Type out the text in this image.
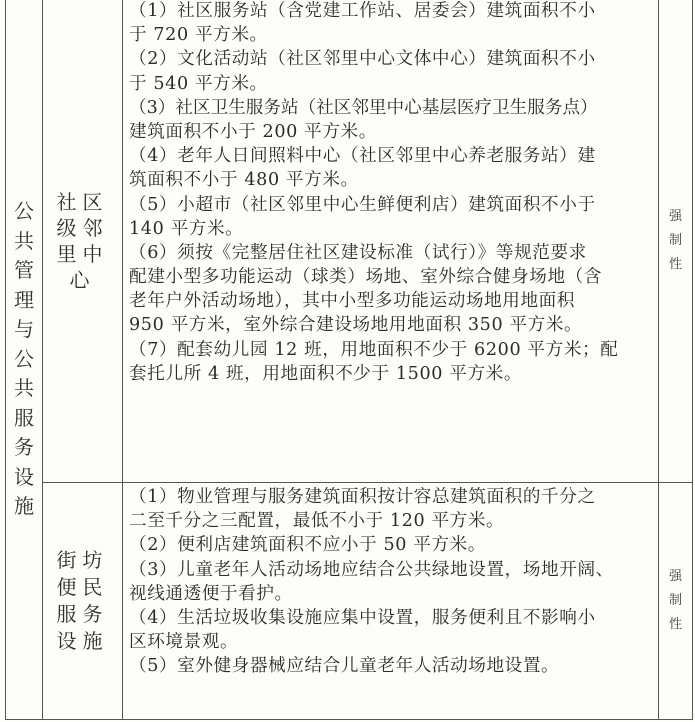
公
共
管
理
与
公
共
服
务
设
施
社区级邻里中心
（1）社区服务站（含党建工作站、居委会）建筑面积不小
于 720 平方米。
（2）文化活动站（社区邻里中心文体中心）建筑面积不小
于 540 平方米。
（3）社区卫生服务站（社区邻里中心基层医疗卫生服务点）
建筑面积不小于 200 平方米。
（4）老年人日间照料中心（社区邻里中心养老服务站）建
筑面积不小于 480 平方米。
（5）小超市（社区邻里中心生鲜便利店）建筑面积不小于
140 平方米。
（6）须按《完整居住社区建设标准（试行）》等规范要求
配建小型多功能运动（球类）场地、室外综合健身场地（含
老年户外活动场地），其中小型多功能运动场地用地面积
950 平方米，室外综合建设场地用地面积 350 平方米。
（7）配套幼儿园 12 班，用地面积不少于 6200 平方米；配
套托儿所 4 班，用地面积不少于 1500 平方米。
强
制
性
街坊便民服务设施
（1）物业管理与服务建筑面积按计容总建筑面积的千分之
二至千分之三配置，最低不小于 120 平方米。
（2）便利店建筑面积不应小于 50 平方米。
（3）儿童老年人活动场地应结合公共绿地设置，场地开阔、
视线通透便于看护。
（4）生活垃圾收集设施应集中设置，服务便利且不影响小
区环境景观。
（5）室外健身器械应结合儿童老年人活动场地设置。
强
制
性
